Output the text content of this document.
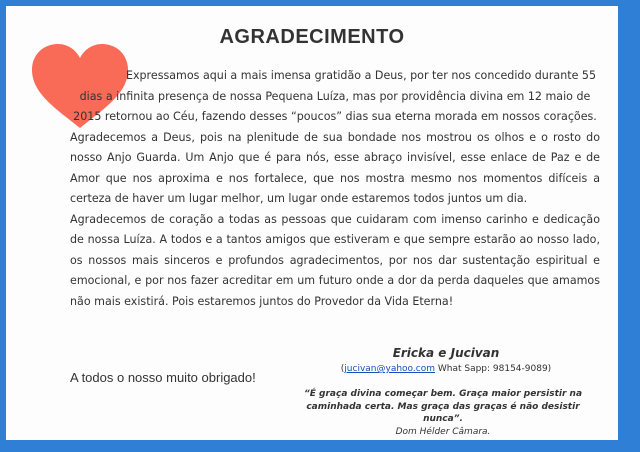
AGRADECIMENTO

Expressamos aqui a mais imensa gratidão a Deus, por ter nos concedido durante 55 dias a infinita presença de nossa Pequena Luíza, mas por providência divina em 12 maio de 2015 retornou ao Céu, fazendo desses “poucos” dias sua eterna morada em nossos corações.

Agradecemos a Deus, pois na plenitude de sua bondade nos mostrou os olhos e o rosto do nosso Anjo Guarda. Um Anjo que é para nós, esse abraço invisível, esse enlace de Paz e de Amor que nos aproxima e nos fortalece, que nos mostra mesmo nos momentos difíceis a certeza de haver um lugar melhor, um lugar onde estaremos todos juntos um dia.

Agradecemos de coração a todas as pessoas que cuidaram com imenso carinho e dedicação de nossa Luíza. A todos e a tantos amigos que estiveram e que sempre estarão ao nosso lado, os nossos mais sinceros e profundos agradecimentos, por nos dar sustentação espiritual e emocional, e por nos fazer acreditar em um futuro onde a dor da perda daqueles que amamos não mais existirá. Pois estaremos juntos do Provedor da Vida Eterna!

Ericka e Jucivan
(jucivan@yahoo.com What Sapp: 98154-9089)
A todos o nosso muito obrigado!
“É graça divina começar bem. Graça maior persistir na caminhada certa. Mas graça das graças é não desistir nunca”.
Dom Hélder Câmara.
